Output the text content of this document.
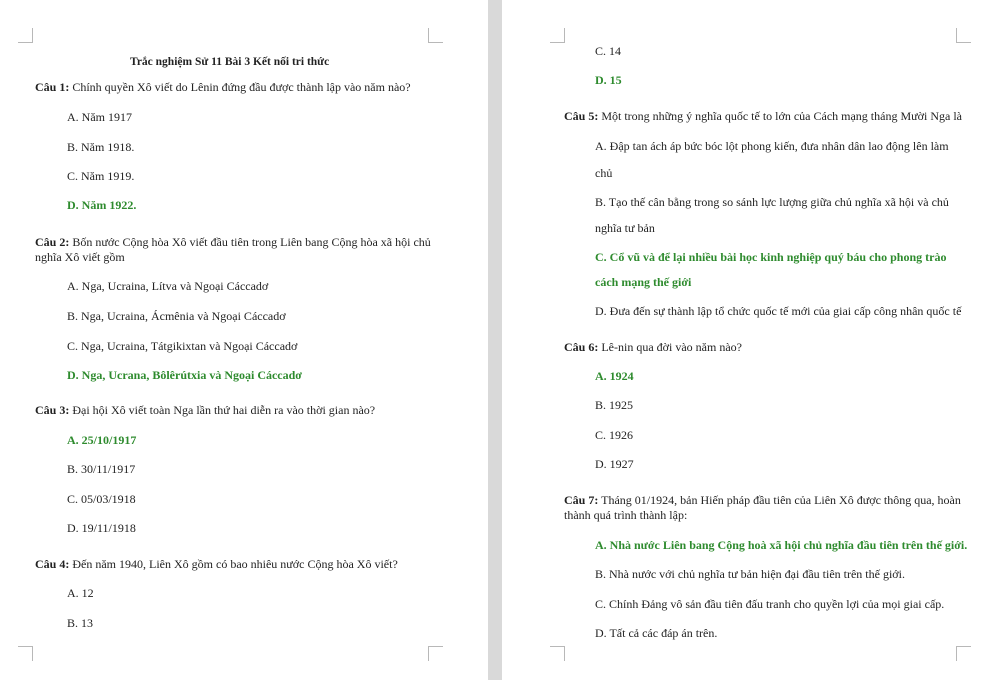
Trắc nghiệm Sử 11 Bài 3 Kết nối tri thức
Câu 1: Chính quyền Xô viết do Lênin đứng đầu được thành lập vào năm nào?
A. Năm 1917
B. Năm 1918.
C. Năm 1919.
D. Năm 1922.
Câu 2: Bốn nước Cộng hòa Xô viết đầu tiên trong Liên bang Cộng hòa xã hội chủ
nghĩa Xô viết gồm
A. Nga, Ucraina, Lítva và Ngoại Cáccadơ
B. Nga, Ucraina, Ácmênia và Ngoại Cáccadơ
C. Nga, Ucraina, Tátgikixtan và Ngoại Cáccadơ
D. Nga, Ucrana, Bôlêrútxia và Ngoại Cáccadơ
Câu 3: Đại hội Xô viết toàn Nga lần thứ hai diễn ra vào thời gian nào?
A. 25/10/1917
B. 30/11/1917
C. 05/03/1918
D. 19/11/1918
Câu 4: Đến năm 1940, Liên Xô gồm có bao nhiêu nước Cộng hòa Xô viết?
A. 12
B. 13
C. 14
D. 15
Câu 5: Một trong những ý nghĩa quốc tế to lớn của Cách mạng tháng Mười Nga là
A. Đập tan ách áp bức bóc lột phong kiến, đưa nhân dân lao động lên làm
chủ
B. Tạo thế cân bằng trong so sánh lực lượng giữa chủ nghĩa xã hội và chủ
nghĩa tư bản
C. Cổ vũ và để lại nhiều bài học kinh nghiệp quý báu cho phong trào
cách mạng thế giới
D. Đưa đến sự thành lập tổ chức quốc tế mới của giai cấp công nhân quốc tế
Câu 6: Lê-nin qua đời vào năm nào?
A. 1924
B. 1925
C. 1926
D. 1927
Câu 7: Tháng 01/1924, bản Hiến pháp đầu tiên của Liên Xô được thông qua, hoàn
thành quá trình thành lập:
A. Nhà nước Liên bang Cộng hoà xã hội chủ nghĩa đầu tiên trên thế giới.
B. Nhà nước với chủ nghĩa tư bản hiện đại đầu tiên trên thế giới.
C. Chính Đảng vô sản đầu tiên đấu tranh cho quyền lợi của mọi giai cấp.
D. Tất cả các đáp án trên.
